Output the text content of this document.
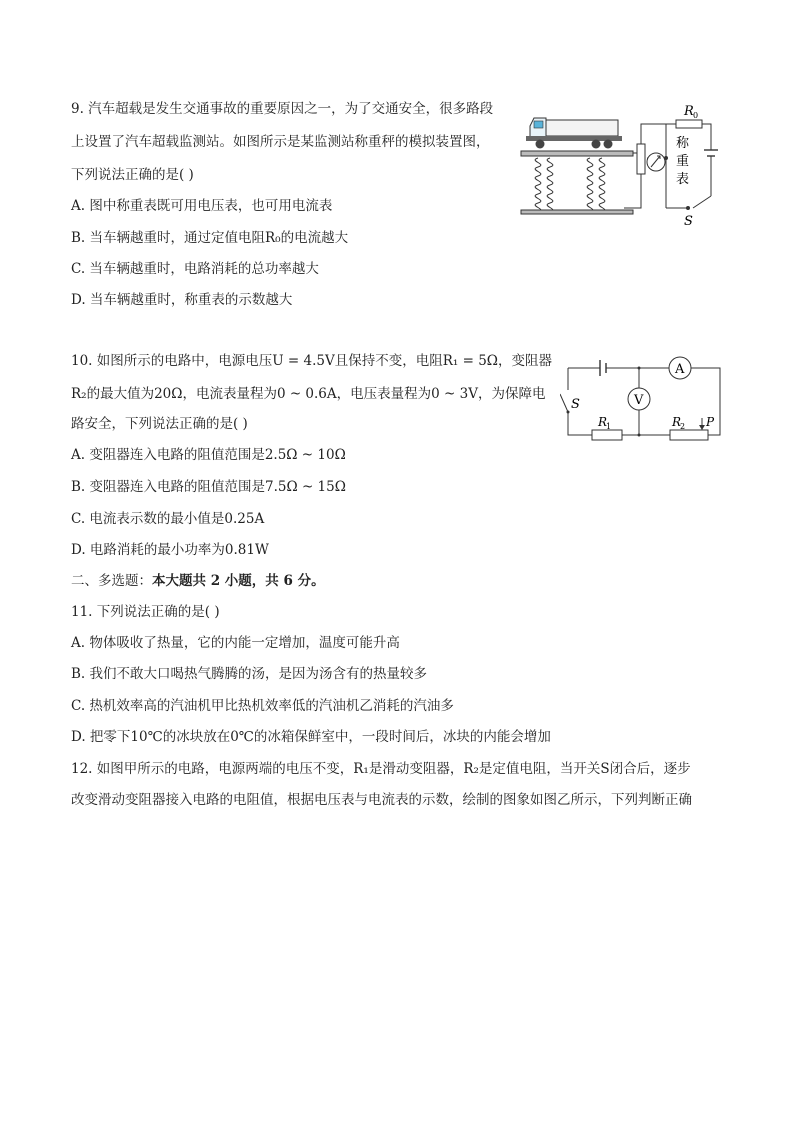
9. 汽车超载是发生交通事故的重要原因之一，为了交通安全，很多路段
上设置了汽车超载监测站。如图所示是某监测站称重秤的模拟装置图，
下列说法正确的是( )
A. 图中称重表既可用电压表，也可用电流表
B. 当车辆越重时，通过定值电阻R₀的电流越大
C. 当车辆越重时，电路消耗的总功率越大
D. 当车辆越重时，称重表的示数越大
R 0
称
重
表
S
10. 如图所示的电路中，电源电压U = 4.5V且保持不变，电阻R₁ = 5Ω，变阻器
R₂的最大值为20Ω，电流表量程为0 ~ 0.6A，电压表量程为0 ~ 3V，为保障电
路安全，下列说法正确的是( )
A. 变阻器连入电路的阻值范围是2.5Ω ~ 10Ω
B. 变阻器连入电路的阻值范围是7.5Ω ~ 15Ω
C. 电流表示数的最小值是0.25A
D. 电路消耗的最小功率为0.81W
A
V
S
R
1	R
2 P
二、多选题：本大题共 2 小题，共 6 分。
11. 下列说法正确的是( )
A. 物体吸收了热量，它的内能一定增加，温度可能升高
B. 我们不敢大口喝热气腾腾的汤，是因为汤含有的热量较多
C. 热机效率高的汽油机甲比热机效率低的汽油机乙消耗的汽油多
D. 把零下10℃的冰块放在0℃的冰箱保鲜室中，一段时间后，冰块的内能会增加
12. 如图甲所示的电路，电源两端的电压不变，R₁是滑动变阻器，R₂是定值电阻，当开关S闭合后，逐步
改变滑动变阻器接入电路的电阻值，根据电压表与电流表的示数，绘制的图象如图乙所示，下列判断正确
